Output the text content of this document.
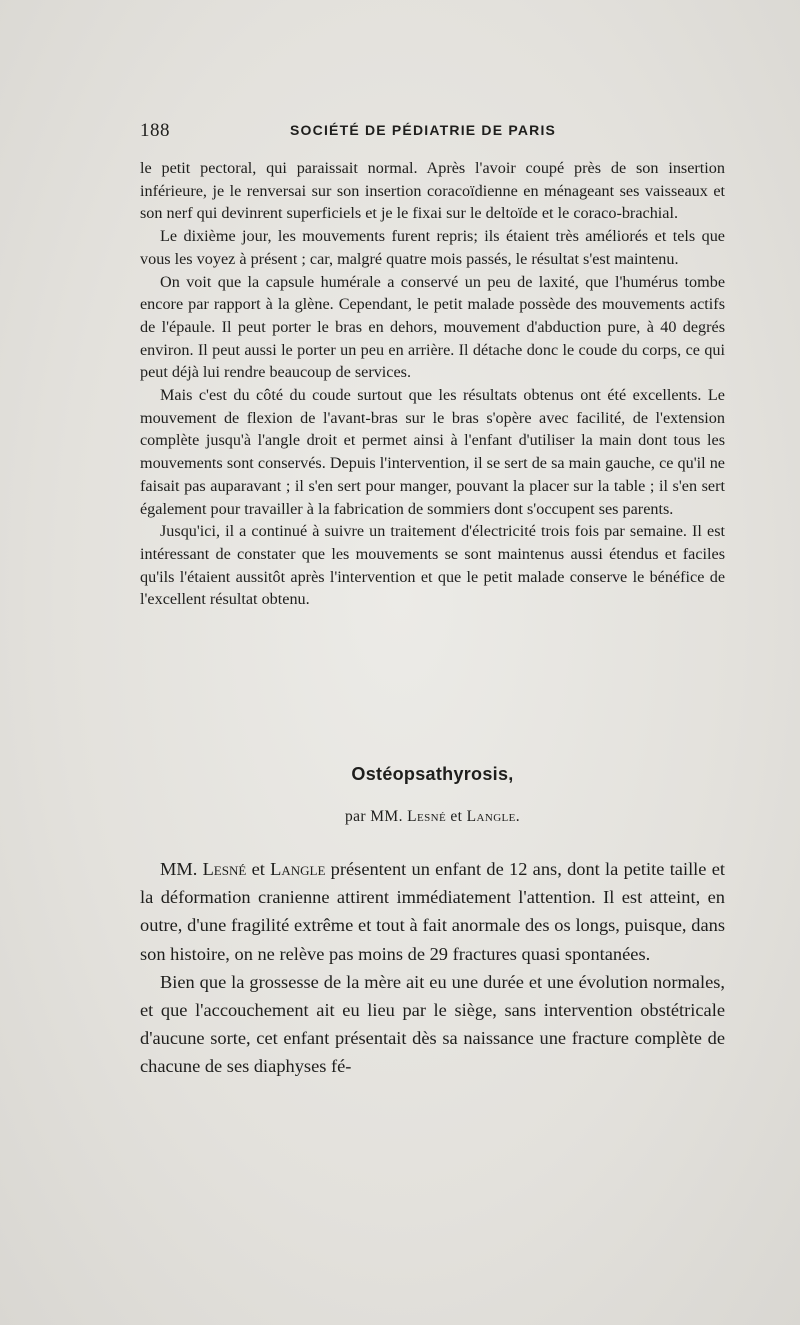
188	SOCIÉTÉ DE PÉDIATRIE DE PARIS

le petit pectoral, qui paraissait normal. Après l'avoir coupé près de son insertion inférieure, je le renversai sur son insertion coracoïdienne en ménageant ses vaisseaux et son nerf qui devinrent superficiels et je le fixai sur le deltoïde et le coraco-brachial.

Le dixième jour, les mouvements furent repris; ils étaient très améliorés et tels que vous les voyez à présent ; car, malgré quatre mois passés, le résultat s'est maintenu.

On voit que la capsule humérale a conservé un peu de laxité, que l'humérus tombe encore par rapport à la glène. Cependant, le petit malade possède des mouvements actifs de l'épaule. Il peut porter le bras en dehors, mouvement d'abduction pure, à 40 degrés environ. Il peut aussi le porter un peu en arrière. Il détache donc le coude du corps, ce qui peut déjà lui rendre beaucoup de services.

Mais c'est du côté du coude surtout que les résultats obtenus ont été excellents. Le mouvement de flexion de l'avant-bras sur le bras s'opère avec facilité, de l'extension complète jusqu'à l'angle droit et permet ainsi à l'enfant d'utiliser la main dont tous les mouvements sont conservés. Depuis l'intervention, il se sert de sa main gauche, ce qu'il ne faisait pas auparavant ; il s'en sert pour manger, pouvant la placer sur la table ; il s'en sert également pour travailler à la fabrication de sommiers dont s'occupent ses parents.

Jusqu'ici, il a continué à suivre un traitement d'électricité trois fois par semaine. Il est intéressant de constater que les mouvements se sont maintenus aussi étendus et faciles qu'ils l'étaient aussitôt après l'intervention et que le petit malade conserve le bénéfice de l'excellent résultat obtenu.

Ostéopsathyrosis,
par MM. Lesné et Langle.

MM. Lesné et Langle présentent un enfant de 12 ans, dont la petite taille et la déformation cranienne attirent immédiatement l'attention. Il est atteint, en outre, d'une fragilité extrême et tout à fait anormale des os longs, puisque, dans son histoire, on ne relève pas moins de 29 fractures quasi spontanées.

Bien que la grossesse de la mère ait eu une durée et une évolution normales, et que l'accouchement ait eu lieu par le siège, sans intervention obstétricale d'aucune sorte, cet enfant présentait dès sa naissance une fracture complète de chacune de ses diaphyses fé-
